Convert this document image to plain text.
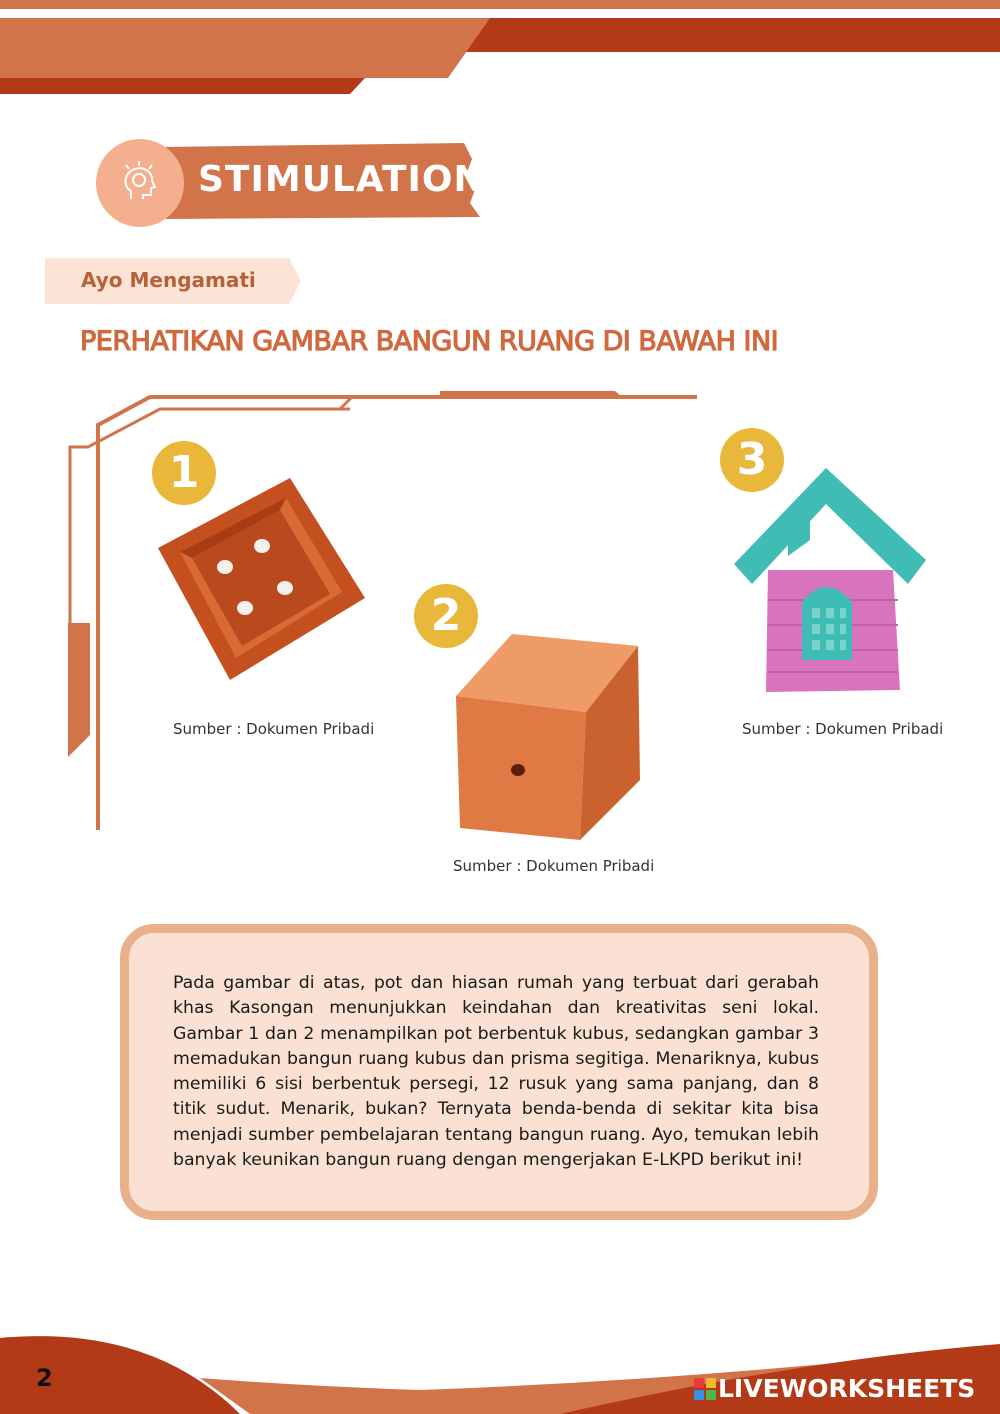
STIMULATION
Ayo Mengamati
PERHATIKAN GAMBAR BANGUN RUANG DI BAWAH INI
1
Sumber : Dokumen Pribadi
2
Sumber : Dokumen Pribadi
3
Sumber : Dokumen Pribadi
Pada gambar di atas, pot dan hiasan rumah yang terbuat dari gerabah khas Kasongan menunjukkan keindahan dan kreativitas seni lokal. Gambar 1 dan 2 menampilkan pot berbentuk kubus, sedangkan gambar 3 memadukan bangun ruang kubus dan prisma segitiga. Menariknya, kubus memiliki 6 sisi berbentuk persegi, 12 rusuk yang sama panjang, dan 8 titik sudut. Menarik, bukan? Ternyata benda-benda di sekitar kita bisa menjadi sumber pembelajaran tentang bangun ruang. Ayo, temukan lebih banyak keunikan bangun ruang dengan mengerjakan E-LKPD berikut ini!
2	LIVEWORKSHEETS
